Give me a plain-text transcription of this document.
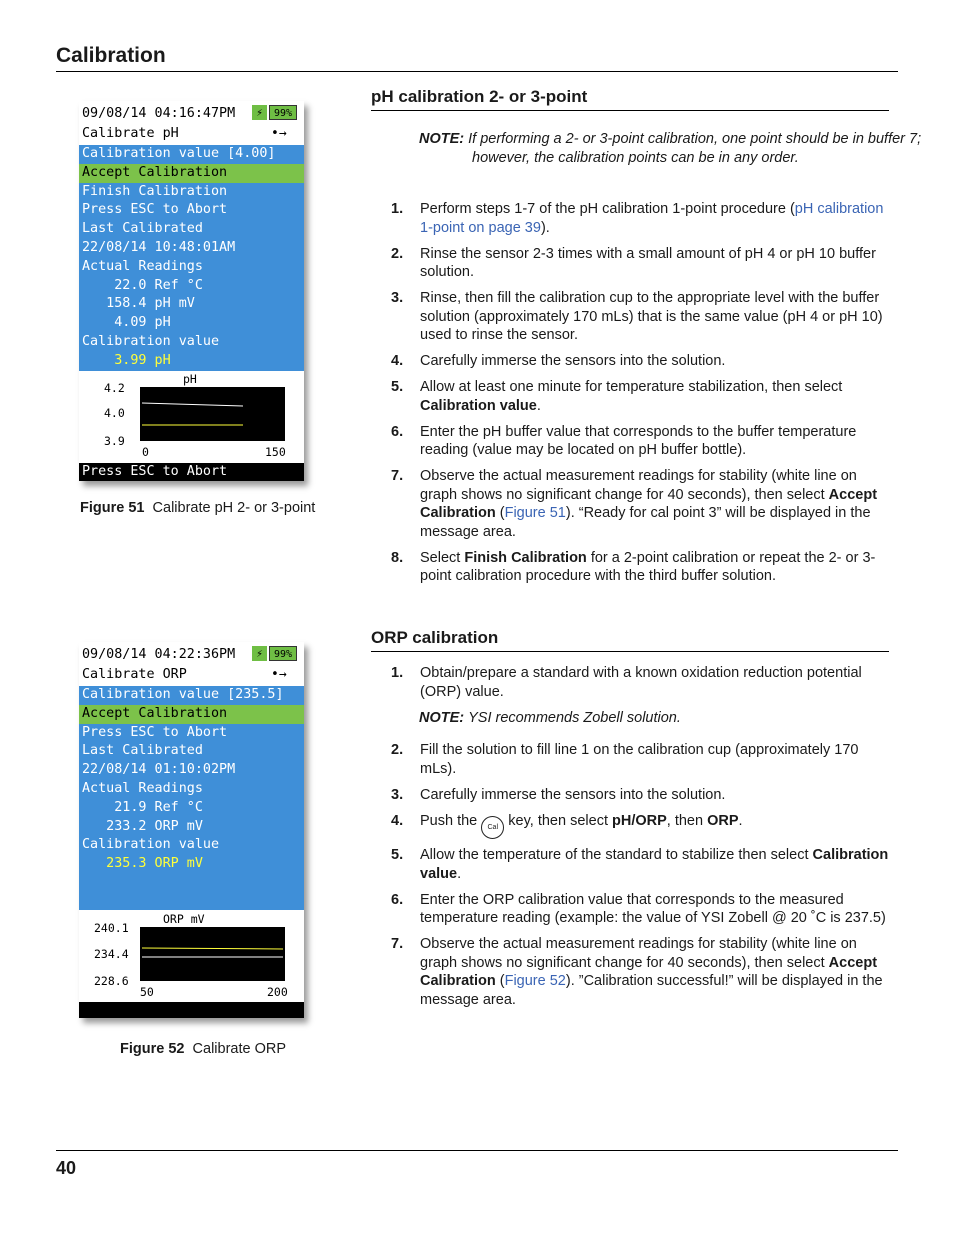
Calibration
09/08/14 04:16:47PM	⚡	99%
Calibrate pH	•→
Calibration value [4.00]
Accept Calibration
Finish Calibration
Press ESC to Abort
Last Calibrated
22/08/14 10:48:01AM
Actual Readings
22.0 Ref °C
158.4 pH mV
4.09 pH
Calibration value
3.99 pH
pH
4.2
4.0
3.9
0	150
Press ESC to Abort
Figure 51 Calibrate pH 2- or 3-point
09/08/14 04:22:36PM	⚡	99%
Calibrate ORP	•→
Calibration value [235.5]
Accept Calibration
Press ESC to Abort
Last Calibrated
22/08/14 01:10:02PM
Actual Readings
21.9 Ref °C
233.2 ORP mV
Calibration value
235.3 ORP mV
ORP mV
240.1
234.4
228.6
50	200
Figure 52 Calibrate ORP
pH calibration 2- or 3-point
NOTE: If performing a 2- or 3-point calibration, one point should be in buffer 7; however, the calibration points can be in any order.
1.	Perform steps 1-7 of the pH calibration 1-point procedure (pH calibration 1-point on page 39).
2.	Rinse the sensor 2-3 times with a small amount of pH 4 or pH 10 buffer solution.
3.	Rinse, then fill the calibration cup to the appropriate level with the buffer solution (approximately 170 mLs) that is the same value (pH 4 or pH 10) used to rinse the sensor.
4.	Carefully immerse the sensors into the solution.
5.	Allow at least one minute for temperature stabilization, then select Calibration value.
6.	Enter the pH buffer value that corresponds to the buffer temperature reading (value may be located on pH buffer bottle).
7.	Observe the actual measurement readings for stability (white line on graph shows no significant change for 40 seconds), then select Accept Calibration (Figure 51). “Ready for cal point 3” will be displayed in the message area.
8.	Select Finish Calibration for a 2-point calibration or repeat the 2- or 3-point calibration procedure with the third buffer solution.
ORP calibration
1.	Obtain/prepare a standard with a known oxidation reduction potential (ORP) value.
NOTE:
YSI recommends Zobell solution.
2.	Fill the solution to fill line 1 on the calibration cup (approximately 170 mLs).
3.	Carefully immerse the sensors into the solution.
4.	Push the Cal key, then select pH/ORP, then ORP.
5.	Allow the temperature of the standard to stabilize then select Calibration value.
6.	Enter the ORP calibration value that corresponds to the measured temperature reading (example: the value of YSI Zobell @ 20 ˚C is 237.5)
7.	Observe the actual measurement readings for stability (white line on graph shows no significant change for 40 seconds), then select Accept Calibration (Figure 52). ”Calibration successful!” will be displayed in the message area.
40
